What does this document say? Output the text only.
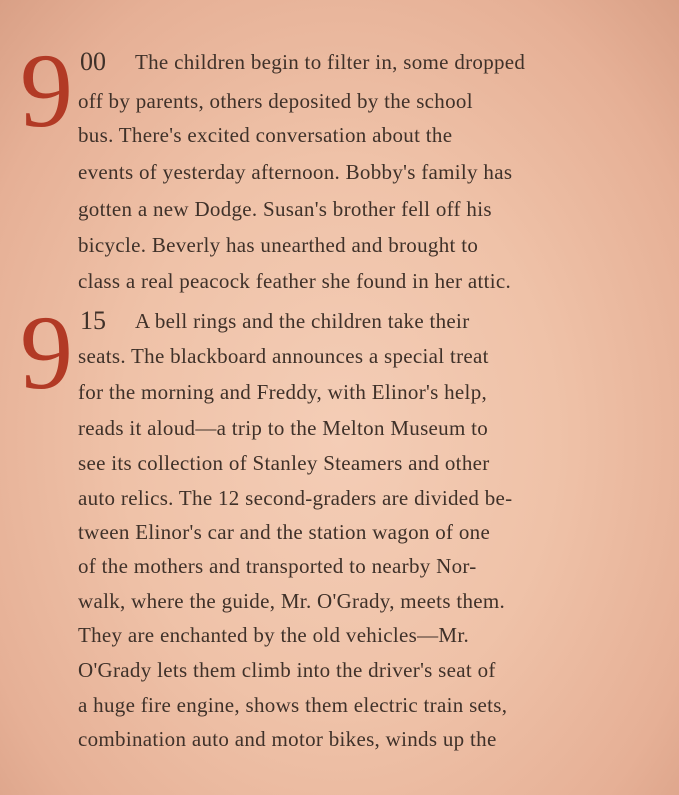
9 00 The children begin to filter in, some dropped
off by parents, others deposited by the school
bus. There's excited conversation about the
events of yesterday afternoon. Bobby's family has
gotten a new Dodge. Susan's brother fell off his
bicycle. Beverly has unearthed and brought to
class a real peacock feather she found in her attic.
9 15 A bell rings and the children take their
seats. The blackboard announces a special treat
for the morning and Freddy, with Elinor's help,
reads it aloud—a trip to the Melton Museum to
see its collection of Stanley Steamers and other
auto relics. The 12 second-graders are divided be-
tween Elinor's car and the station wagon of one
of the mothers and transported to nearby Nor-
walk, where the guide, Mr. O'Grady, meets them.
They are enchanted by the old vehicles—Mr.
O'Grady lets them climb into the driver's seat of
a huge fire engine, shows them electric train sets,
combination auto and motor bikes, winds up the
